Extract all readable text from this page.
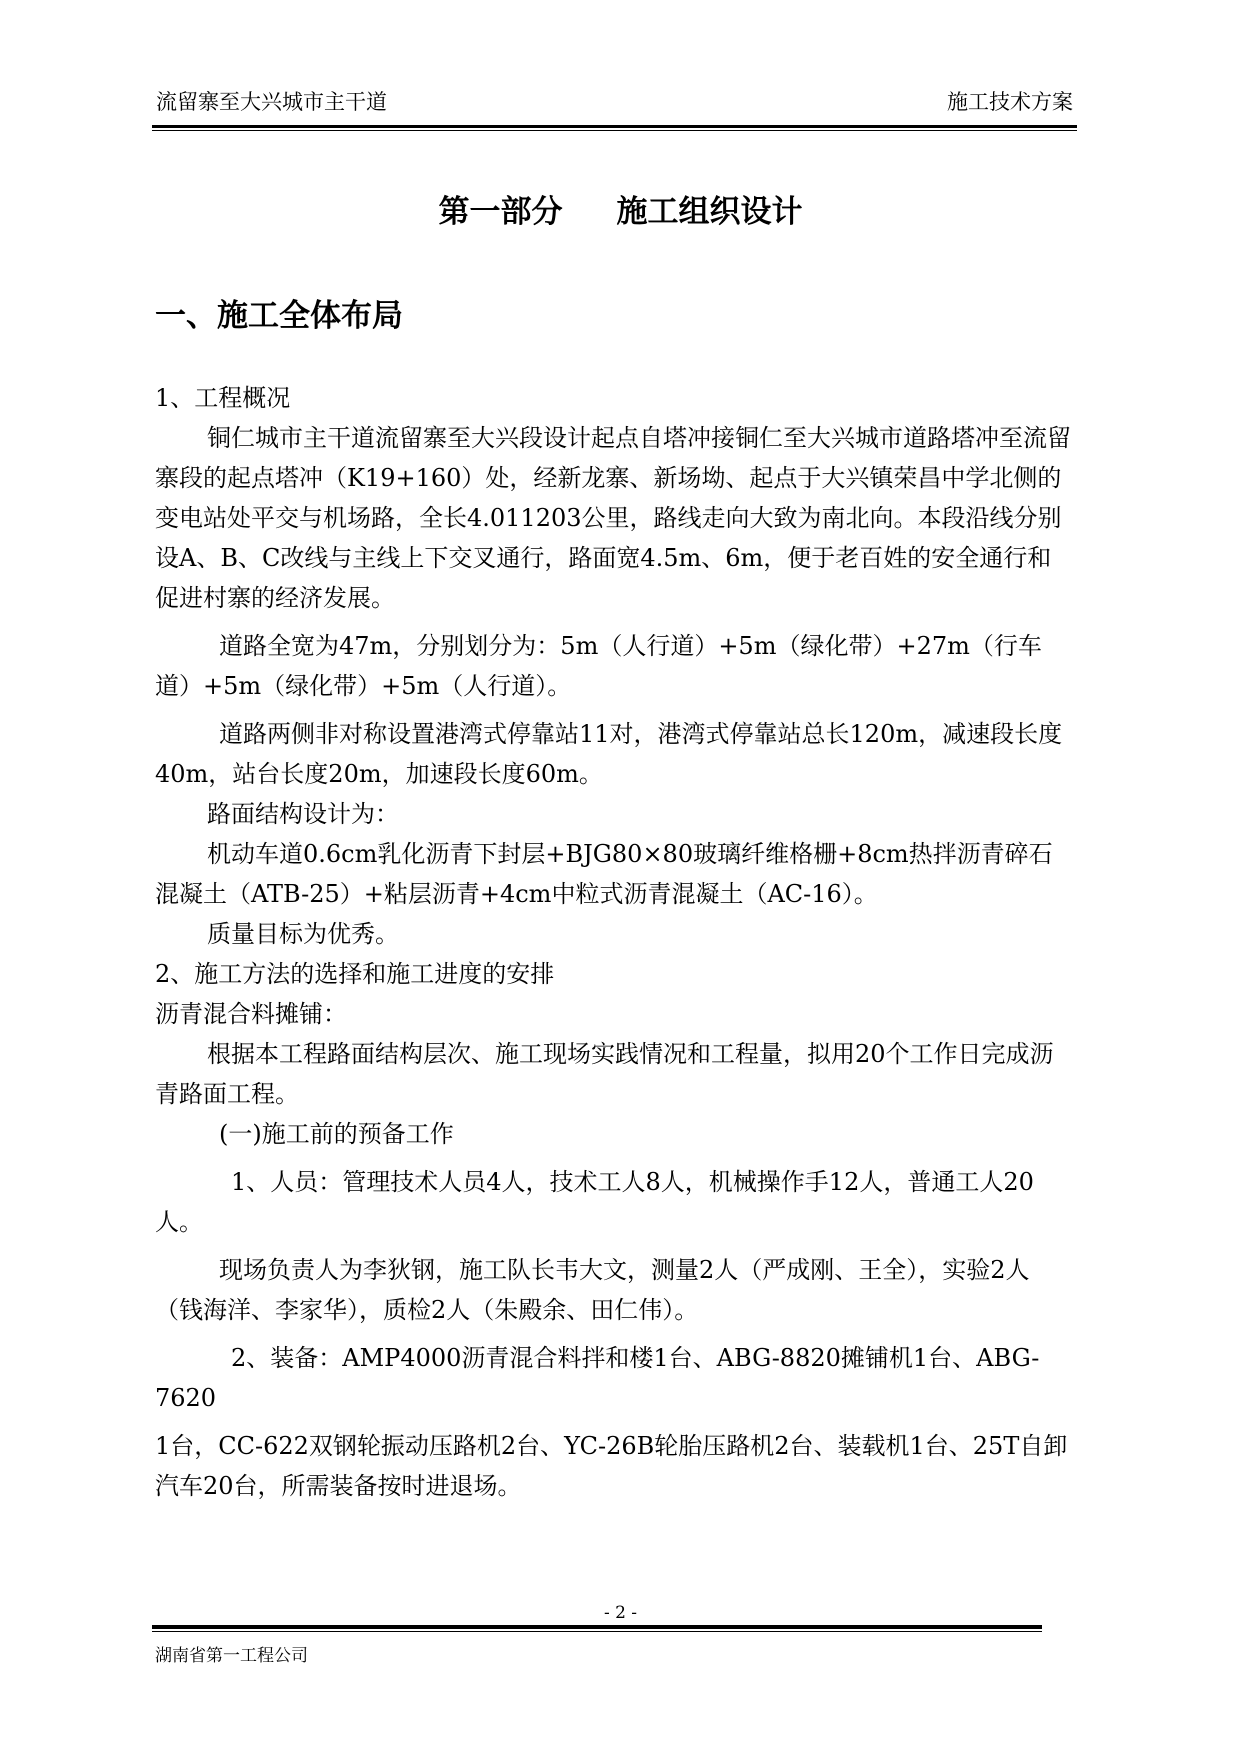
流留寨至大兴城市主干道	施工技术方案
第一部分 施工组织设计
一、施工全体布局

1、工程概况

铜仁城市主干道流留寨至大兴段设计起点自塔冲接铜仁至大兴城市道路塔冲至流留寨段的起点塔冲（K19+160）处，经新龙寨、新场坳、起点于大兴镇荣昌中学北侧的变电站处平交与机场路，全长4.011203公里，路线走向大致为南北向。本段沿线分别设A、B、C改线与主线上下交叉通行，路面宽4.5m、6m，便于老百姓的安全通行和促进村寨的经济发展。

道路全宽为47m，分别划分为：5m（人行道）+5m（绿化带）+27m（行车道）+5m（绿化带）+5m（人行道）。

道路两侧非对称设置港湾式停靠站11对，港湾式停靠站总长120m，减速段长度40m，站台长度20m，加速段长度60m。

路面结构设计为：

机动车道0.6cm乳化沥青下封层+BJG80×80玻璃纤维格栅+8cm热拌沥青碎石混凝土（ATB-25）+粘层沥青+4cm中粒式沥青混凝土（AC-16）。

质量目标为优秀。

2、施工方法的选择和施工进度的安排

沥青混合料摊铺：

根据本工程路面结构层次、施工现场实践情况和工程量，拟用20个工作日完成沥青路面工程。

(一)施工前的预备工作

1、人员：管理技术人员4人，技术工人8人，机械操作手12人，普通工人20人。

现场负责人为李狄钢，施工队长韦大文，测量2人（严成刚、王全），实验2人（钱海洋、李家华），质检2人（朱殿余、田仁伟）。

2、装备：AMP4000沥青混合料拌和楼1台、ABG-8820摊铺机1台、ABG-7620

1台，CC-622双钢轮振动压路机2台、YC-26B轮胎压路机2台、装载机1台、25T自卸汽车20台，所需装备按时进退场。

- 2 -
湖南省第一工程公司
